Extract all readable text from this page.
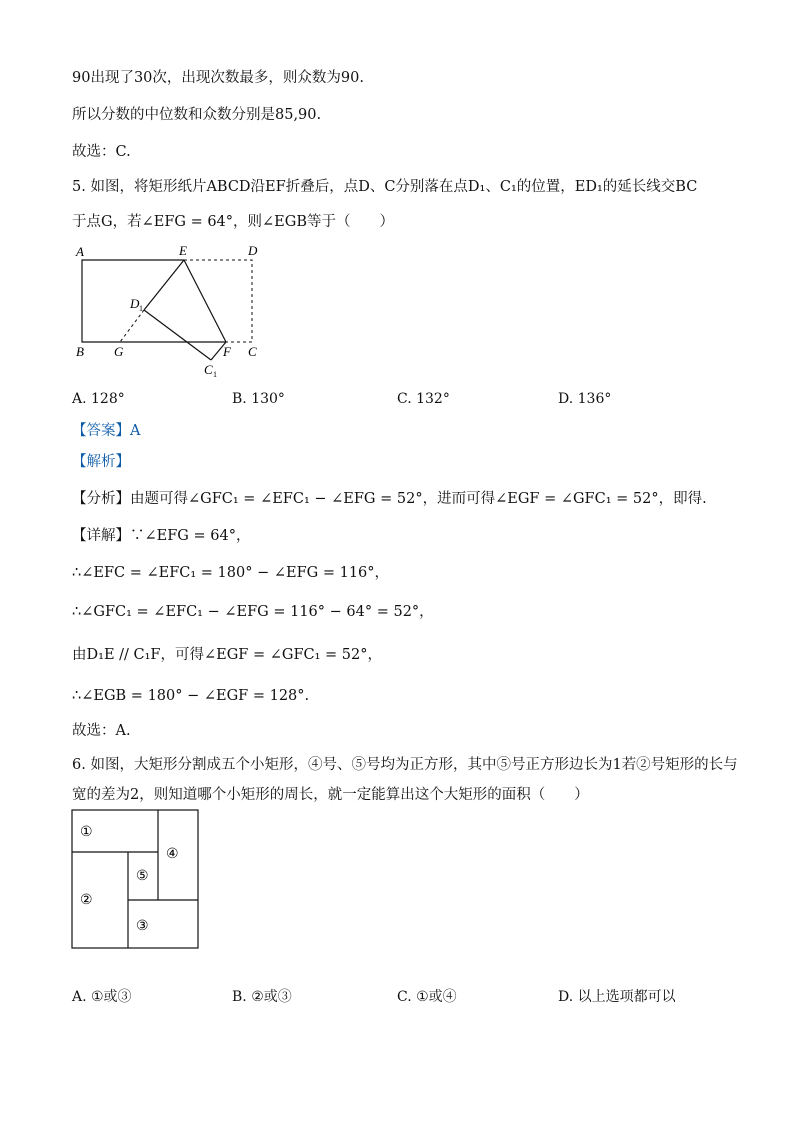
90出现了30次，出现次数最多，则众数为90.
所以分数的中位数和众数分别是85,90.
故选：C.
5. 如图，将矩形纸片ABCD沿EF折叠后，点D、C分别落在点D₁、C₁的位置，ED₁的延长线交BC
于点G，若∠EFG = 64°，则∠EGB等于（　　）
A	E	D
B G	F C
D 1
C 1
A. 128°	B. 130°	C. 132°	D. 136°
【答案】A
【解析】
【分析】由题可得∠GFC₁ = ∠EFC₁ − ∠EFG = 52°，进而可得∠EGF = ∠GFC₁ = 52°，即得.
【详解】∵∠EFG = 64°，
∴∠EFC = ∠EFC₁ = 180° − ∠EFG = 116°，
∴∠GFC₁ = ∠EFC₁ − ∠EFG = 116° − 64° = 52°，
由D₁E // C₁F，可得∠EGF = ∠GFC₁ = 52°，
∴∠EGB = 180° − ∠EGF = 128°.
故选：A.
6. 如图，大矩形分割成五个小矩形，④号、⑤号均为正方形，其中⑤号正方形边长为1若②号矩形的长与
宽的差为2，则知道哪个小矩形的周长，就一定能算出这个大矩形的面积（　　）
①
④
⑤
②
③
A. ①或③	B. ②或③	C. ①或④	D. 以上选项都可以
